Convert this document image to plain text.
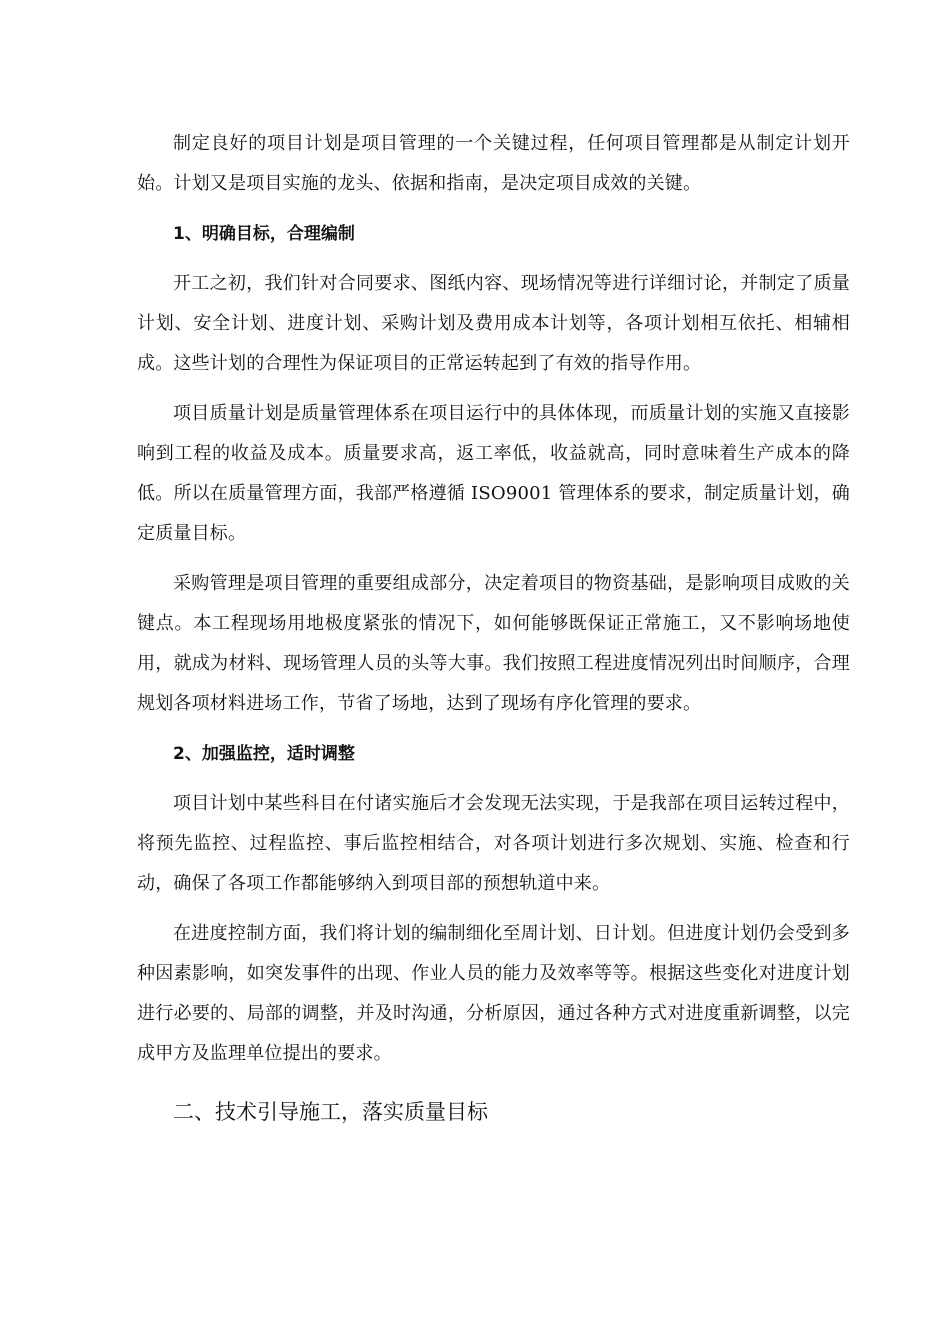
制定良好的项目计划是项目管理的一个关键过程，任何项目管理都是从制定计划开始。计划又是项目实施的龙头、依据和指南，是决定项目成效的关键。

1、明确目标，合理编制

开工之初，我们针对合同要求、图纸内容、现场情况等进行详细讨论，并制定了质量计划、安全计划、进度计划、采购计划及费用成本计划等，各项计划相互依托、相辅相成。这些计划的合理性为保证项目的正常运转起到了有效的指导作用。

项目质量计划是质量管理体系在项目运行中的具体体现，而质量计划的实施又直接影响到工程的收益及成本。质量要求高，返工率低，收益就高，同时意味着生产成本的降低。所以在质量管理方面，我部严格遵循 ISO9001 管理体系的要求，制定质量计划，确定质量目标。

采购管理是项目管理的重要组成部分，决定着项目的物资基础，是影响项目成败的关键点。本工程现场用地极度紧张的情况下，如何能够既保证正常施工，又不影响场地使用，就成为材料、现场管理人员的头等大事。我们按照工程进度情况列出时间顺序，合理规划各项材料进场工作，节省了场地，达到了现场有序化管理的要求。

2、加强监控，适时调整

项目计划中某些科目在付诸实施后才会发现无法实现，于是我部在项目运转过程中，将预先监控、过程监控、事后监控相结合，对各项计划进行多次规划、实施、检查和行动，确保了各项工作都能够纳入到项目部的预想轨道中来。

在进度控制方面，我们将计划的编制细化至周计划、日计划。但进度计划仍会受到多种因素影响，如突发事件的出现、作业人员的能力及效率等等。根据这些变化对进度计划进行必要的、局部的调整，并及时沟通，分析原因，通过各种方式对进度重新调整，以完成甲方及监理单位提出的要求。

二、技术引导施工，落实质量目标
